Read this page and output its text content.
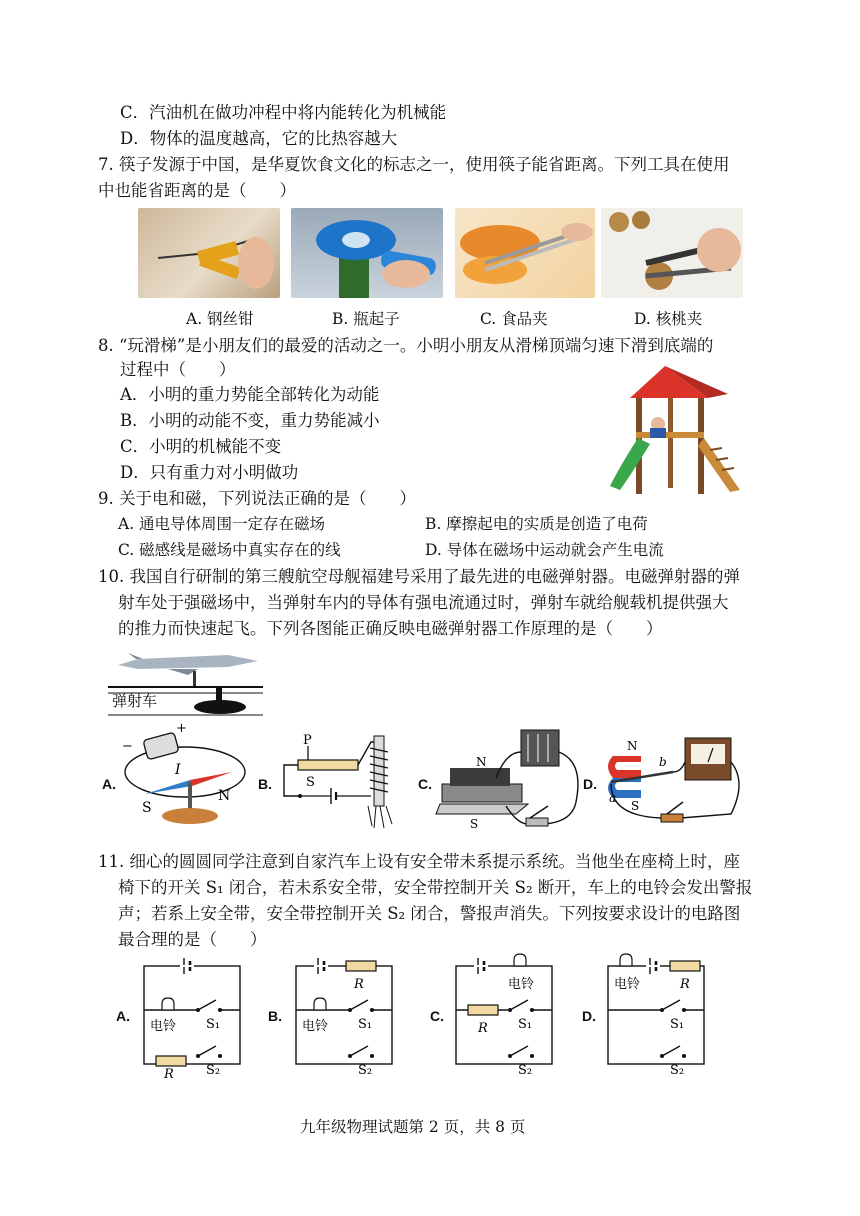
C．汽油机在做功冲程中将内能转化为机械能
D．物体的温度越高，它的比热容越大
7. 筷子发源于中国，是华夏饮食文化的标志之一，使用筷子能省距离。下列工具在使用
中也能省距离的是（　　）
A. 钢丝钳	B. 瓶起子	C. 食品夹	D. 核桃夹
8. “玩滑梯”是小朋友们的最爱的活动之一。小明小朋友从滑梯顶端匀速下滑到底端的
过程中（　　）
A．小明的重力势能全部转化为动能
B．小明的动能不变，重力势能减小
C．小明的机械能不变
D．只有重力对小明做功
9. 关于电和磁，下列说法正确的是（　　）
A. 通电导体周围一定存在磁场	B. 摩擦起电的实质是创造了电荷
C. 磁感线是磁场中真实存在的线	D. 导体在磁场中运动就会产生电流
10. 我国自行研制的第三艘航空母舰福建号采用了最先进的电磁弹射器。电磁弹射器的弹
射车处于强磁场中，当弹射车内的导体有强电流通过时，弹射车就给舰载机提供强大
的推力而快速起飞。下列各图能正确反映电磁弹射器工作原理的是（　　）
弹射车
A.
+
−
I
S
N
B.
P
S	C.
N
S
D.
N
S
a
b
11. 细心的圆圆同学注意到自家汽车上设有安全带未系提示系统。当他坐在座椅上时，座
椅下的开关 S₁ 闭合，若未系安全带，安全带控制开关 S₂ 断开，车上的电铃会发出警报
声；若系上安全带，安全带控制开关 S₂ 闭合，警报声消失。下列按要求设计的电路图
最合理的是（　　）
A.
电铃 S₁
R S₂
B.
R
电铃 S₁
S₂
C.
电铃
R S₁
S₂
D.
电铃	R
S₁
S₂
九年级物理试题第 2 页，共 8 页
